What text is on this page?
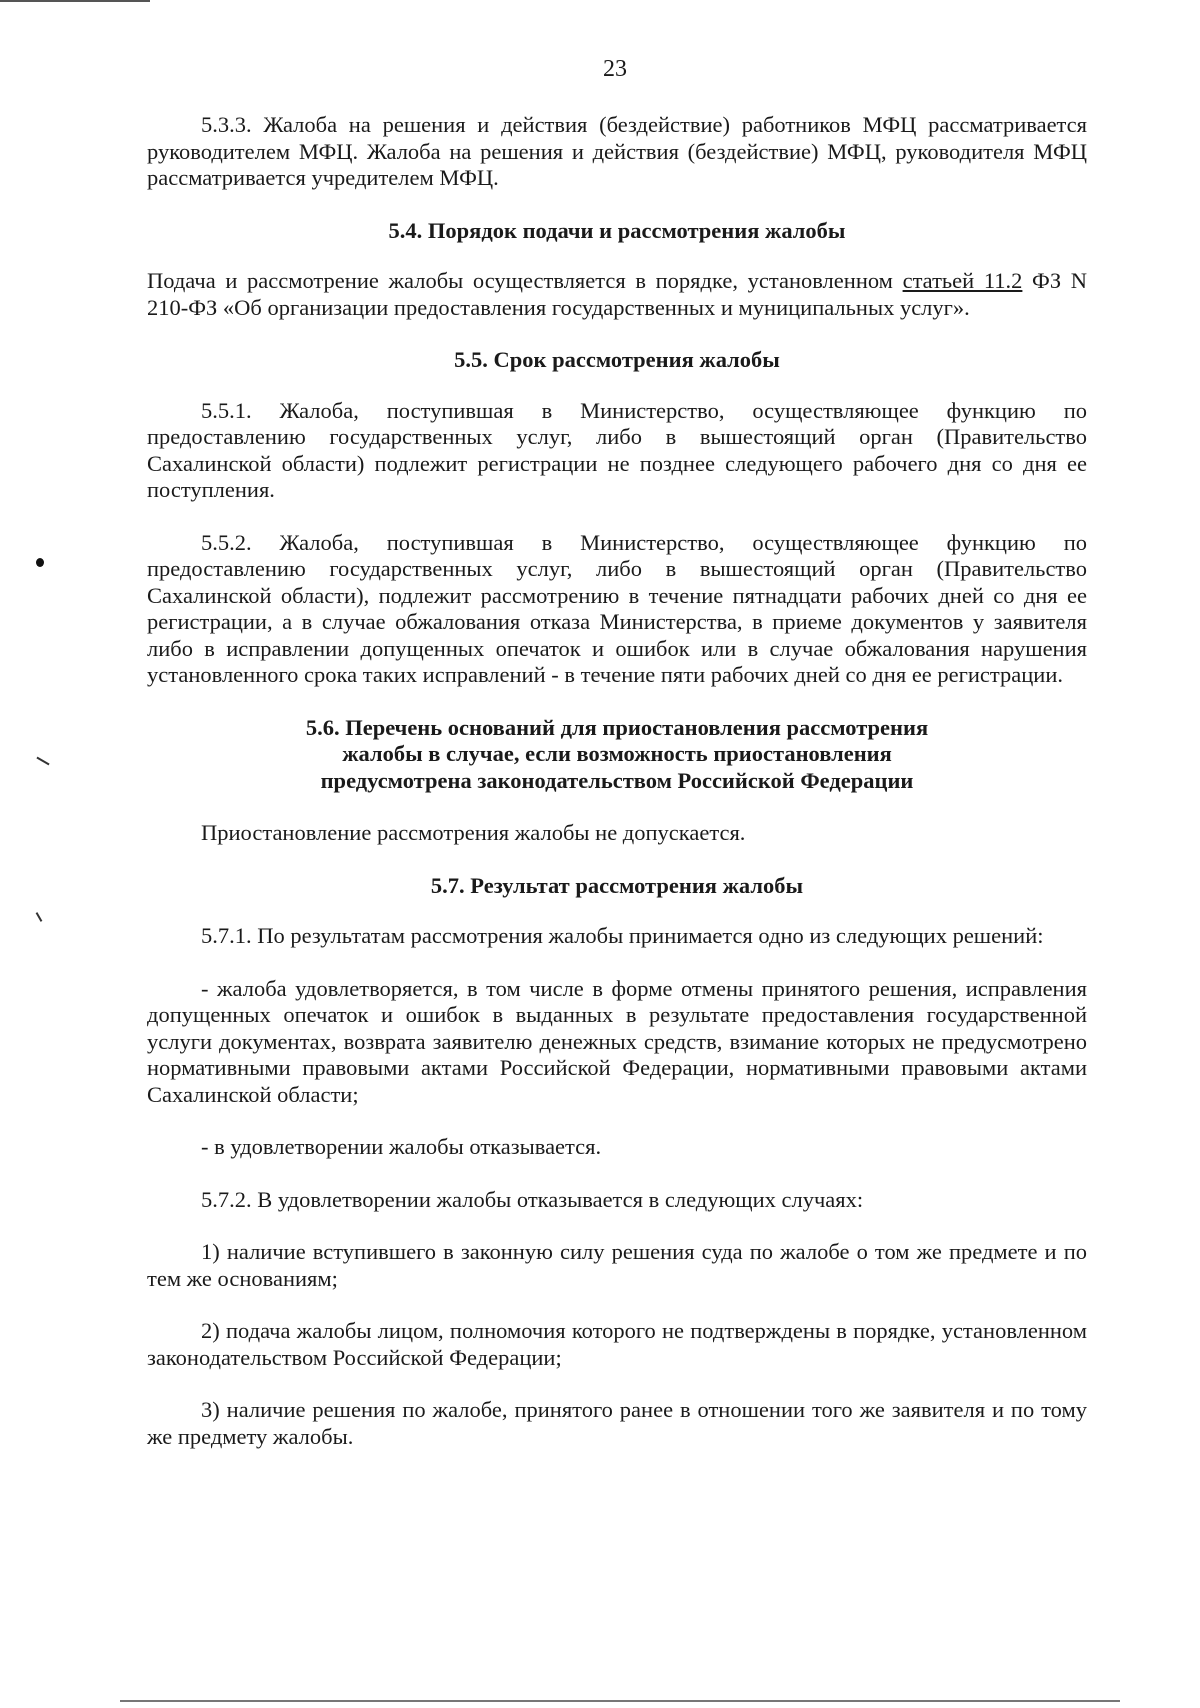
23

5.3.3. Жалоба на решения и действия (бездействие) работников МФЦ рассматривается руководителем МФЦ. Жалоба на решения и действия (бездействие) МФЦ, руководителя МФЦ рассматривается учредителем МФЦ.

5.4. Порядок подачи и рассмотрения жалобы

Подача и рассмотрение жалобы осуществляется в порядке, установленном статьей 11.2 ФЗ N 210-ФЗ «Об организации предоставления государственных и муниципальных услуг».

5.5. Срок рассмотрения жалобы

5.5.1. Жалоба, поступившая в Министерство, осуществляющее функцию по предоставлению государственных услуг, либо в вышестоящий орган (Правительство Сахалинской области) подлежит регистрации не позднее следующего рабочего дня со дня ее поступления.

5.5.2. Жалоба, поступившая в Министерство, осуществляющее функцию по предоставлению государственных услуг, либо в вышестоящий орган (Правительство Сахалинской области), подлежит рассмотрению в течение пятнадцати рабочих дней со дня ее регистрации, а в случае обжалования отказа Министерства, в приеме документов у заявителя либо в исправлении допущенных опечаток и ошибок или в случае обжалования нарушения установленного срока таких исправлений - в течение пяти рабочих дней со дня ее регистрации.

5.6. Перечень оснований для приостановления рассмотрения
жалобы в случае, если возможность приостановления
предусмотрена законодательством Российской Федерации

Приостановление рассмотрения жалобы не допускается.

5.7. Результат рассмотрения жалобы

5.7.1. По результатам рассмотрения жалобы принимается одно из следующих решений:

- жалоба удовлетворяется, в том числе в форме отмены принятого решения, исправления допущенных опечаток и ошибок в выданных в результате предоставления государственной услуги документах, возврата заявителю денежных средств, взимание которых не предусмотрено нормативными правовыми актами Российской Федерации, нормативными правовыми актами Сахалинской области;

- в удовлетворении жалобы отказывается.

5.7.2. В удовлетворении жалобы отказывается в следующих случаях:

1) наличие вступившего в законную силу решения суда по жалобе о том же предмете и по тем же основаниям;

2) подача жалобы лицом, полномочия которого не подтверждены в порядке, установленном законодательством Российской Федерации;

3) наличие решения по жалобе, принятого ранее в отношении того же заявителя и по тому же предмету жалобы.
